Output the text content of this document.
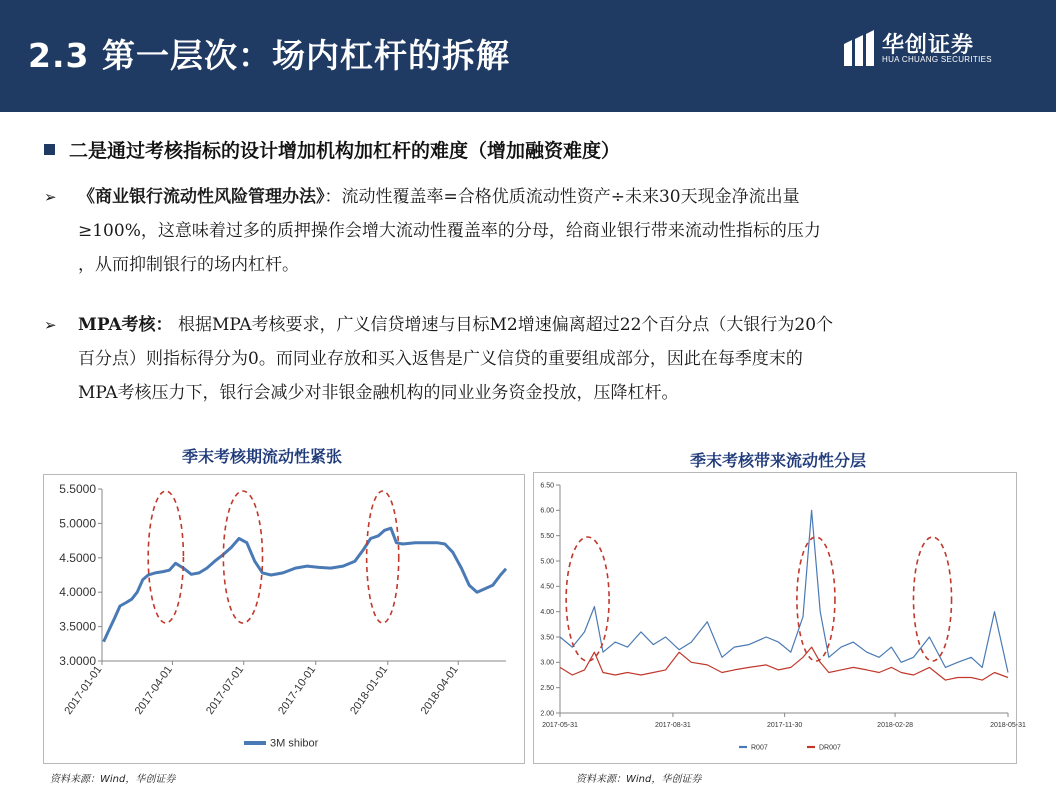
2.3 第一层次：场内杠杆的拆解	华创证券
HUA CHUANG SECURITIES
二是通过考核指标的设计增加机构加杠杆的难度（增加融资难度）
➢ 《商业银行流动性风险管理办法》：流动性覆盖率=合格优质流动性资产÷未来30天现金净流出量
≥100%，这意味着过多的质押操作会增大流动性覆盖率的分母，给商业银行带来流动性指标的压力
，从而抑制银行的场内杠杆。
➢ MPA考核： 根据MPA考核要求，广义信贷增速与目标M2增速偏离超过22个百分点（大银行为20个
百分点）则指标得分为0。而同业存放和买入返售是广义信贷的重要组成部分，因此在每季度末的
MPA考核压力下，银行会减少对非银金融机构的同业业务资金投放，压降杠杆。
季末考核期流动性紧张
3.0000
3.5000
4.0000
4.5000
5.0000
5.5000
2017-01-01	2017-04-01	2017-07-01	2017-10-01	2018-01-01	2018-04-01
3M shibor
资料来源：Wind，华创证券
季末考核带来流动性分层
2.00
2.50
3.00
3.50
4.00
4.50
5.00
5.50
6.00
6.50
2017-05-31	2017-08-31	2017-11-30	2018-02-28	2018-05-31
R007	DR007
资料来源：Wind，华创证券
